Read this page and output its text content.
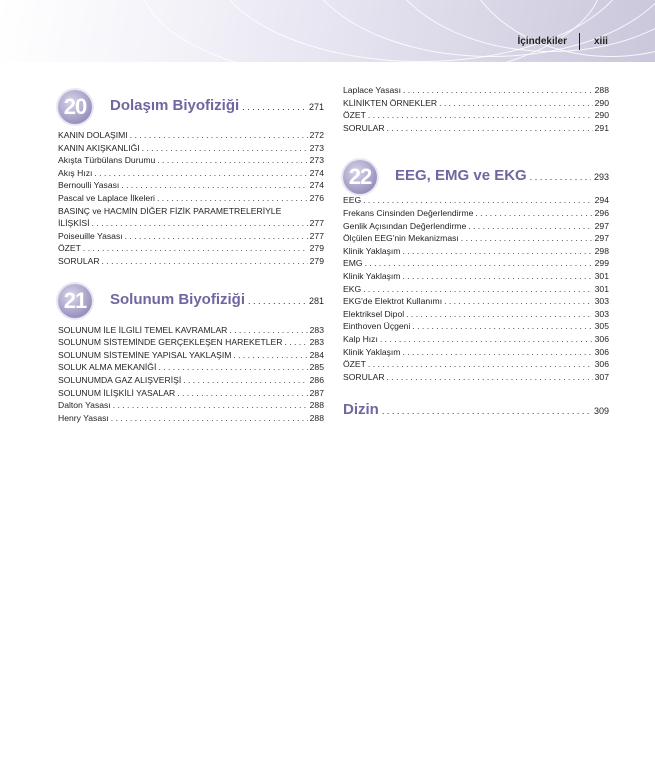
İçindekiler	xiii
20	Dolaşım Biyofiziği . . .	271
KANIN DOLAŞIMI . . .	272
KANIN AKIŞKANLIĞI . . .	273
Akışta Türbülans Durumu . . .	273
Akış Hızı . . .	274
Bernoulli Yasası . . .	274
Pascal ve Laplace İlkeleri . . .	276
BASINÇ ve HACMİN DİĞER FİZİK PARAMETRELERİYLE
İLİŞKİSİ . . .	277
Poiseuille Yasası . . .	277
ÖZET . . .	279
SORULAR . . .	279
21	Solunum Biyofiziği . . .	281
SOLUNUM İLE İLGİLİ TEMEL KAVRAMLAR . . .	283
SOLUNUM SİSTEMİNDE GERÇEKLEŞEN HAREKETLER . . .	283
SOLUNUM SİSTEMİNE YAPISAL YAKLAŞIM . . .	284
SOLUK ALMA MEKANİĞİ . . .	285
SOLUNUMDA GAZ ALIŞVERİŞİ . . .	286
SOLUNUM İLİŞKİLİ YASALAR . . .	287
Dalton Yasası . . .	288
Henry Yasası . . .	288
Laplace Yasası . . .	288
KLİNİKTEN ÖRNEKLER . . .	290
ÖZET . . .	290
SORULAR . . .	291
22	EEG, EMG ve EKG . . .	293
EEG . . .	294
Frekans Cinsinden Değerlendirme . . .	296
Genlik Açısından Değerlendirme . . .	297
Ölçülen EEG'nin Mekanizması . . .	297
Klinik Yaklaşım . . .	298
EMG . . .	299
Klinik Yaklaşım . . .	301
EKG . . .	301
EKG'de Elektrot Kullanımı . . .	303
Elektriksel Dipol . . .	303
Einthoven Üçgeni . . .	305
Kalp Hızı . . .	306
Klinik Yaklaşım . . .	306
ÖZET . . .	306
SORULAR . . .	307
Dizin . . .	309
